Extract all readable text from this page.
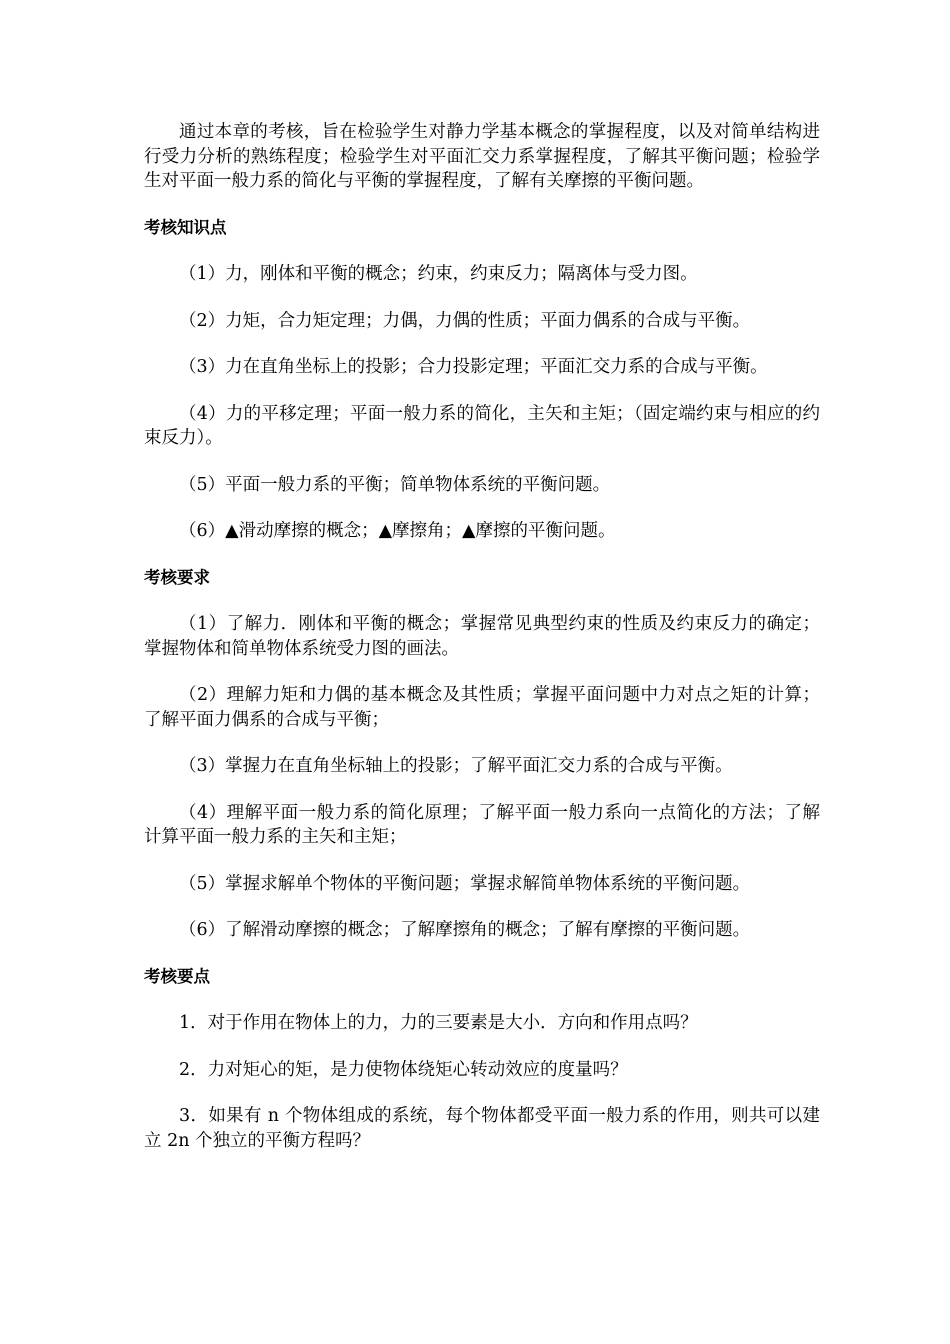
通过本章的考核，旨在检验学生对静力学基本概念的掌握程度，以及对简单结构进行受力分析的熟练程度；检验学生对平面汇交力系掌握程度，了解其平衡问题；检验学生对平面一般力系的简化与平衡的掌握程度，了解有关摩擦的平衡问题。

考核知识点

（1）力，刚体和平衡的概念；约束，约束反力；隔离体与受力图。

（2）力矩，合力矩定理；力偶，力偶的性质；平面力偶系的合成与平衡。

（3）力在直角坐标上的投影；合力投影定理；平面汇交力系的合成与平衡。

（4）力的平移定理；平面一般力系的简化，主矢和主矩；（固定端约束与相应的约束反力）。

（5）平面一般力系的平衡；简单物体系统的平衡问题。

（6）▲滑动摩擦的概念；▲摩擦角；▲摩擦的平衡问题。

考核要求

（1）了解力．刚体和平衡的概念；掌握常见典型约束的性质及约束反力的确定；掌握物体和简单物体系统受力图的画法。

（2）理解力矩和力偶的基本概念及其性质；掌握平面问题中力对点之矩的计算；了解平面力偶系的合成与平衡；

（3）掌握力在直角坐标轴上的投影；了解平面汇交力系的合成与平衡。

（4）理解平面一般力系的简化原理；了解平面一般力系向一点简化的方法；了解计算平面一般力系的主矢和主矩；

（5）掌握求解单个物体的平衡问题；掌握求解简单物体系统的平衡问题。

（6）了解滑动摩擦的概念；了解摩擦角的概念；了解有摩擦的平衡问题。

考核要点

1．对于作用在物体上的力，力的三要素是大小．方向和作用点吗？

2．力对矩心的矩，是力使物体绕矩心转动效应的度量吗？

3．如果有 n 个物体组成的系统，每个物体都受平面一般力系的作用，则共可以建立 2n 个独立的平衡方程吗？
